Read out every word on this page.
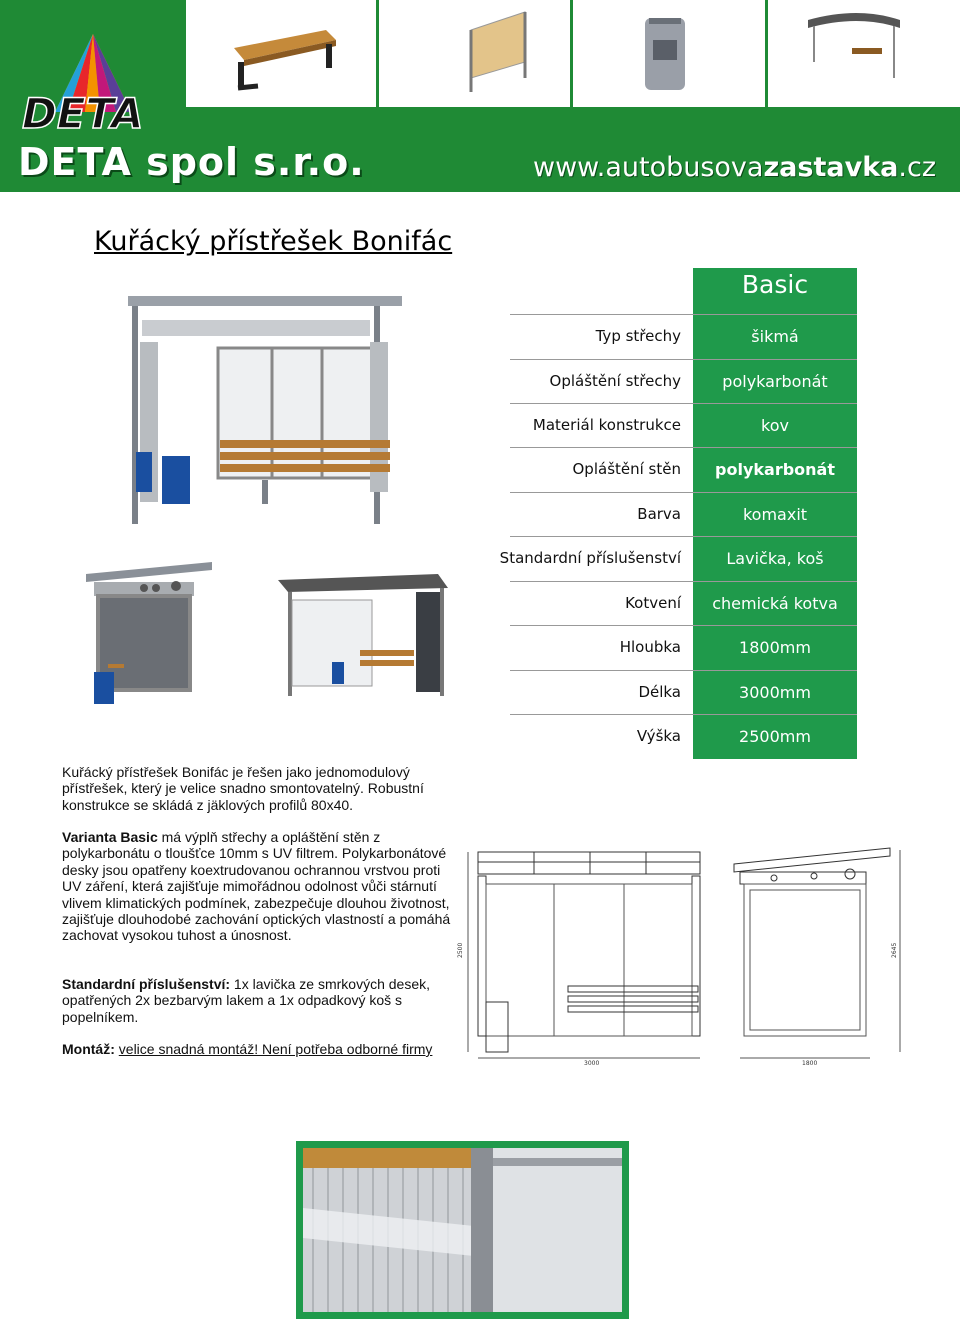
DETA
DETA spol s.r.o.	www.autobusovazastavka.cz
Kuřácký přístřešek Bonifác
Basic
Typ střechy	šikmá
Opláštění střechy	polykarbonát
Materiál konstrukce	kov
Opláštění stěn	polykarbonát
Barva	komaxit
Standardní příslušenství	Lavička, koš
Kotvení	chemická kotva
Hloubka	1800mm
Délka	3000mm
Výška	2500mm
Kuřácký přístřešek Bonifác je řešen jako jednomodulový přístřešek, který je velice snadno smontovatelný. Robustní konstrukce se skládá z jäklových profilů 80x40.
Varianta Basic má výplň střechy a opláštění stěn z polykarbonátu o tloušťce 10mm s UV filtrem. Polykarbonátové desky jsou opatřeny koextrudovanou ochrannou vrstvou proti UV záření, která zajišťuje mimořádnou odolnost vůči stárnutí vlivem klimatických podmínek, zabezpečuje dlouhou životnost, zajišťuje dlouhodobé zachování optických vlastností a pomáhá zachovat vysokou tuhost a únosnost.
Standardní příslušenství: 1x lavička ze smrkových desek, opatřených 2x bezbarvým lakem a 1x odpadkový koš s popelníkem.
Montáž: velice snadná montáž! Není potřeba odborné firmy
2500
3000
2645
1800
